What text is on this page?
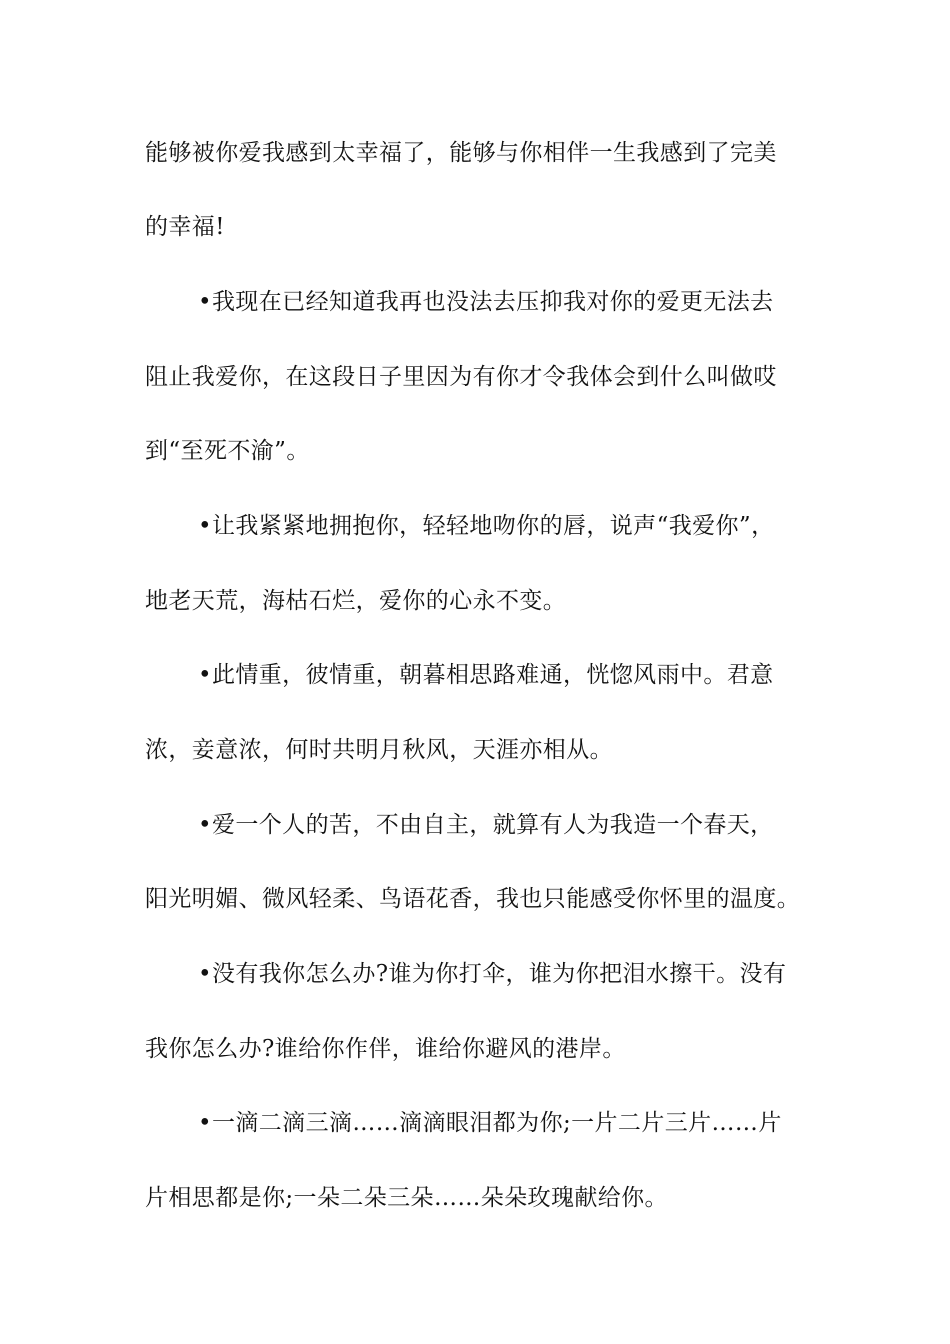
能够被你爱我感到太幸福了，能够与你相伴一生我感到了完美
的幸福!
•我现在已经知道我再也没法去压抑我对你的爱更无法去
阻止我爱你，在这段日子里因为有你才令我体会到什么叫做哎
到“至死不渝”。
•让我紧紧地拥抱你，轻轻地吻你的唇，说声“我爱你”，
地老天荒，海枯石烂，爱你的心永不变。
•此情重，彼情重，朝暮相思路难通，恍惚风雨中。君意
浓，妾意浓，何时共明月秋风，天涯亦相从。
•爱一个人的苦，不由自主，就算有人为我造一个春天，
阳光明媚、微风轻柔、鸟语花香，我也只能感受你怀里的温度。
•没有我你怎么办?谁为你打伞，谁为你把泪水擦干。没有
我你怎么办?谁给你作伴，谁给你避风的港岸。
•一滴二滴三滴……滴滴眼泪都为你;一片二片三片……片
片相思都是你;一朵二朵三朵……朵朵玫瑰献给你。
